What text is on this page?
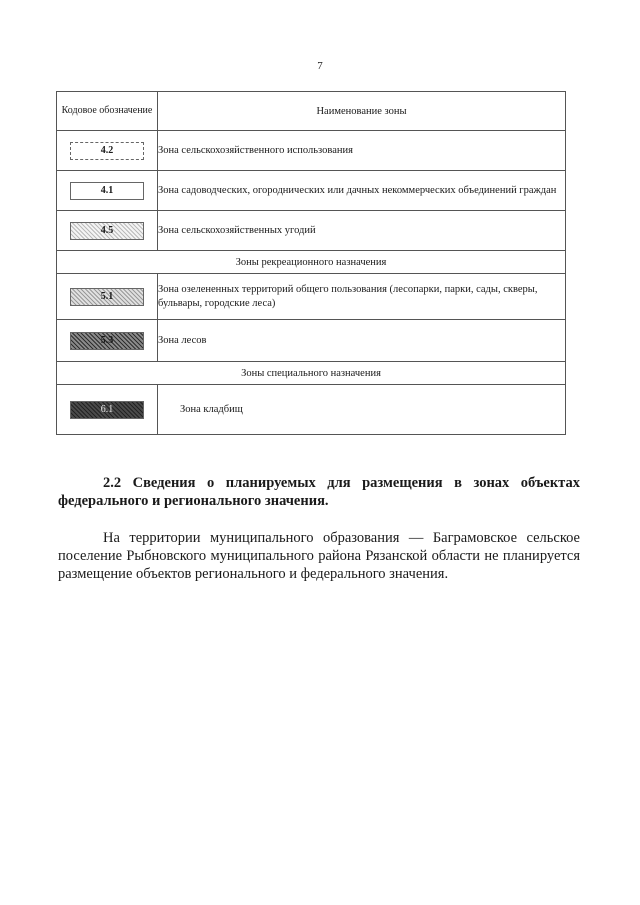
7
Кодовое обозначение	Наименование зоны
4.2	Зона сельскохозяйственного использования
4.1	Зона садоводческих, огороднических или дачных некоммерческих объединений граждан
4.5	Зона сельскохозяйственных угодий
Зоны рекреационного назначения	
5.1	Зона озелененных территорий общего пользования (лесопарки, парки, сады, скверы, бульвары, городские леса)
5.3	Зона лесов
Зоны специального назначения	
6.1	Зона кладбищ
2.2 Сведения о планируемых для размещения в зонах объектах федерального и регионального значения.
На территории муниципального образования — Баграмовское сельское поселение Рыбновского муниципального района Рязанской области не планируется размещение объектов регионального и федерального значения.
